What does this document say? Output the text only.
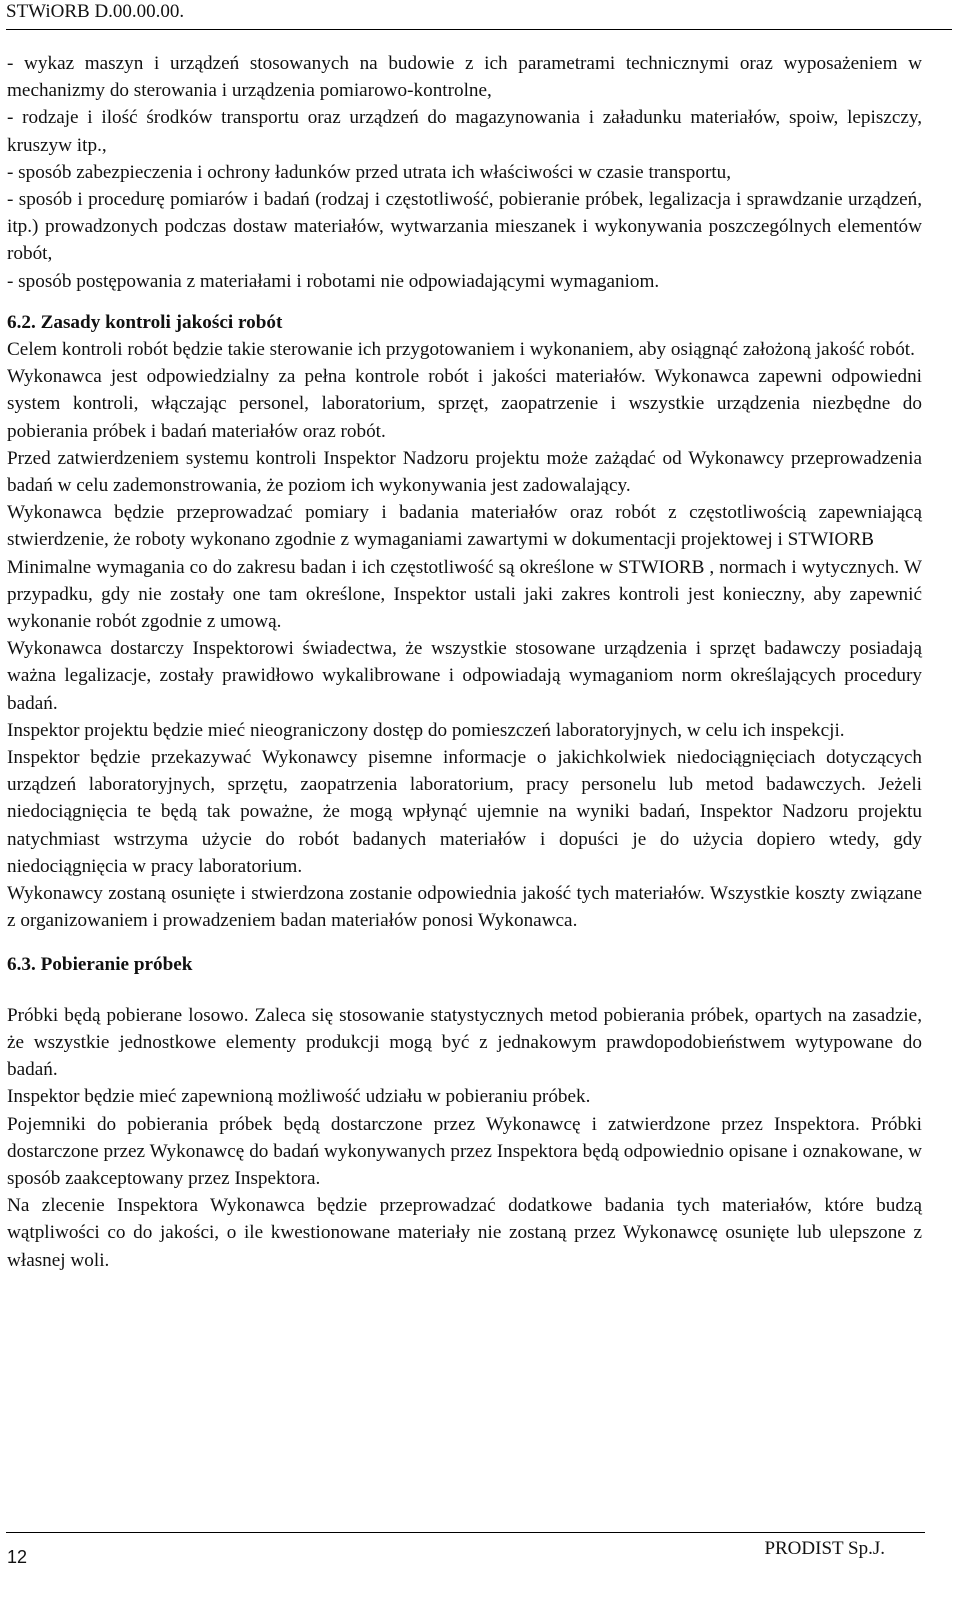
STWiORB D.00.00.00.

- wykaz maszyn i urządzeń stosowanych na budowie z ich parametrami technicznymi oraz wyposażeniem w mechanizmy do sterowania i urządzenia pomiarowo-kontrolne,

- rodzaje i ilość środków transportu oraz urządzeń do magazynowania i załadunku materiałów, spoiw, lepiszczy, kruszyw itp.,

- sposób zabezpieczenia i ochrony ładunków przed utrata ich właściwości w czasie transportu,

- sposób i procedurę pomiarów i badań (rodzaj i częstotliwość, pobieranie próbek, legalizacja i sprawdzanie urządzeń, itp.) prowadzonych podczas dostaw materiałów, wytwarzania mieszanek i wykonywania poszczególnych elementów robót,

- sposób postępowania z materiałami i robotami nie odpowiadającymi wymaganiom.

6.2. Zasady kontroli jakości robót

Celem kontroli robót będzie takie sterowanie ich przygotowaniem i wykonaniem, aby osiągnąć założoną jakość robót.

Wykonawca jest odpowiedzialny za pełna kontrole robót i jakości materiałów. Wykonawca zapewni odpowiedni system kontroli, włączając personel, laboratorium, sprzęt, zaopatrzenie i wszystkie urządzenia niezbędne do pobierania próbek i badań materiałów oraz robót.

Przed zatwierdzeniem systemu kontroli Inspektor Nadzoru projektu może zażądać od Wykonawcy przeprowadzenia badań w celu zademonstrowania, że poziom ich wykonywania jest zadowalający.

Wykonawca będzie przeprowadzać pomiary i badania materiałów oraz robót z częstotliwością zapewniającą stwierdzenie, że roboty wykonano zgodnie z wymaganiami zawartymi w dokumentacji projektowej i STWIORB

Minimalne wymagania co do zakresu badan i ich częstotliwość są określone w STWIORB , normach i wytycznych. W przypadku, gdy nie zostały one tam określone, Inspektor ustali jaki zakres kontroli jest konieczny, aby zapewnić wykonanie robót zgodnie z umową.

Wykonawca dostarczy Inspektorowi świadectwa, że wszystkie stosowane urządzenia i sprzęt badawczy posiadają ważna legalizacje, zostały prawidłowo wykalibrowane i odpowiadają wymaganiom norm określających procedury badań.

Inspektor projektu będzie mieć nieograniczony dostęp do pomieszczeń laboratoryjnych, w celu ich inspekcji.

Inspektor będzie przekazywać Wykonawcy pisemne informacje o jakichkolwiek niedociągnięciach dotyczących urządzeń laboratoryjnych, sprzętu, zaopatrzenia laboratorium, pracy personelu lub metod badawczych. Jeżeli niedociągnięcia te będą tak poważne, że mogą wpłynąć ujemnie na wyniki badań, Inspektor Nadzoru projektu natychmiast wstrzyma użycie do robót badanych materiałów i dopuści je do użycia dopiero wtedy, gdy niedociągnięcia w pracy laboratorium.

Wykonawcy zostaną osunięte i stwierdzona zostanie odpowiednia jakość tych materiałów. Wszystkie koszty związane z organizowaniem i prowadzeniem badan materiałów ponosi Wykonawca.

6.3. Pobieranie próbek

Próbki będą pobierane losowo. Zaleca się stosowanie statystycznych metod pobierania próbek, opartych na zasadzie, że wszystkie jednostkowe elementy produkcji mogą być z jednakowym prawdopodobieństwem wytypowane do badań.

Inspektor będzie mieć zapewnioną możliwość udziału w pobieraniu próbek.

Pojemniki do pobierania próbek będą dostarczone przez Wykonawcę i zatwierdzone przez Inspektora. Próbki dostarczone przez Wykonawcę do badań wykonywanych przez Inspektora będą odpowiednio opisane i oznakowane, w sposób zaakceptowany przez Inspektora.

Na zlecenie Inspektora Wykonawca będzie przeprowadzać dodatkowe badania tych materiałów, które budzą wątpliwości co do jakości, o ile kwestionowane materiały nie zostaną przez Wykonawcę osunięte lub ulepszone z własnej woli.

12	PRODIST Sp.J.
